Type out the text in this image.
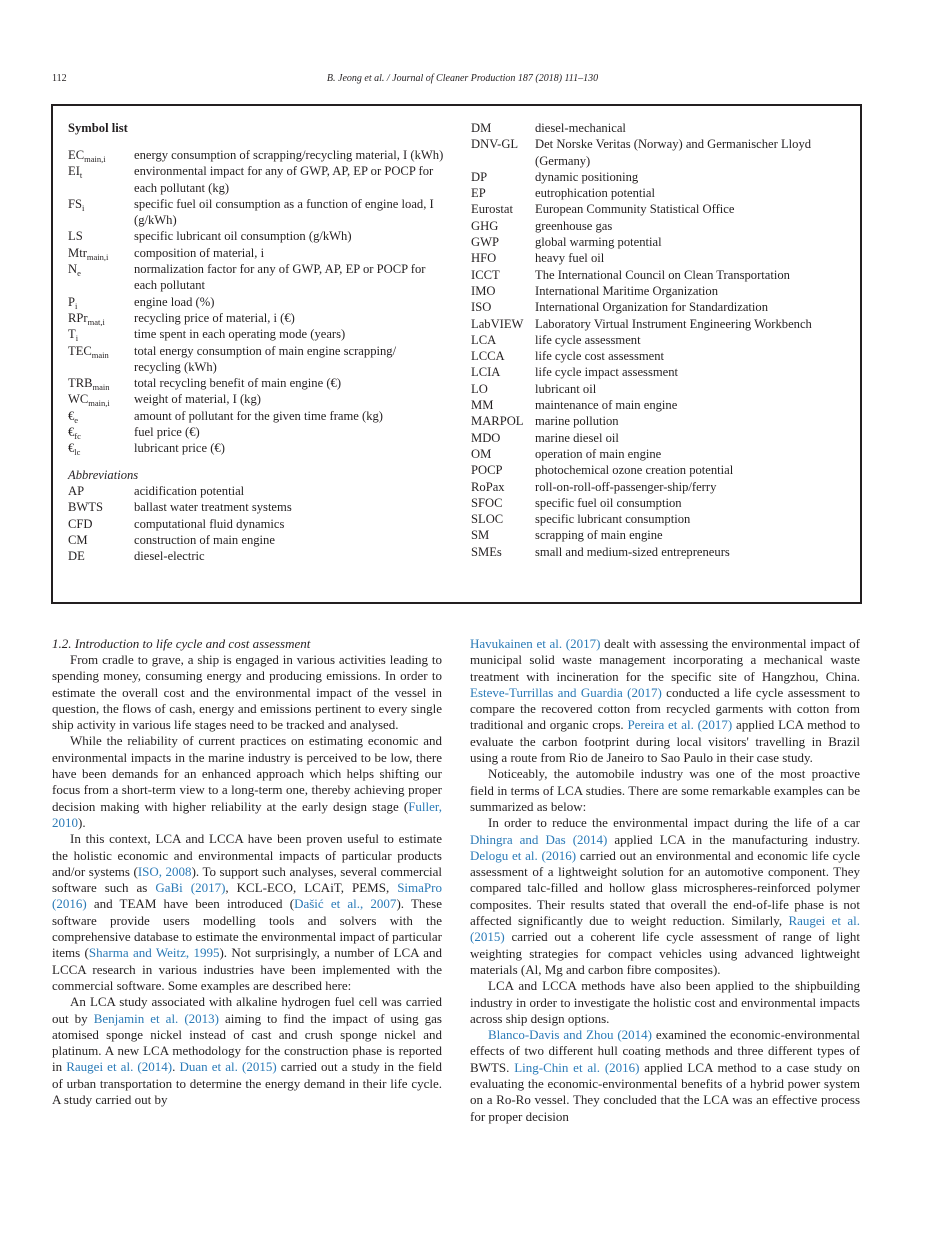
112	B. Jeong et al. / Journal of Cleaner Production 187 (2018) 111–130
Symbol list
$EC_{main,i}$	energy consumption of scrapping/recycling material, I (kWh)
$EI_t$	environmental impact for any of GWP, AP, EP or POCP for each pollutant (kg)
$FS_i$	specific fuel oil consumption as a function of engine load, I (g/kWh)
LS	specific lubricant oil consumption (g/kWh)
Mtr$_{main,i}$	composition of material, i
$N_e$	normalization factor for any of GWP, AP, EP or POCP for each pollutant
$P_i$	engine load (%)
RPr$_{mat,i}$	recycling price of material, i (€)
$T_i$	time spent in each operating mode (years)
$TEC_{main}$	total energy consumption of main engine scrapping/ recycling (kWh)
$TRB_{main}$	total recycling benefit of main engine (€)
$WC_{main,i}$	weight of material, I (kg)
$€_e$	amount of pollutant for the given time frame (kg)
$€_{fc}$	fuel price (€)
$€_{lc}$	lubricant price (€)
Abbreviations
AP	acidification potential
BWTS	ballast water treatment systems
CFD	computational fluid dynamics
CM	construction of main engine
DE	diesel-electric
DM	diesel-mechanical
DNV-GL	Det Norske Veritas (Norway) and Germanischer Lloyd (Germany)
DP	dynamic positioning
EP	eutrophication potential
Eurostat	European Community Statistical Office
GHG	greenhouse gas
GWP	global warming potential
HFO	heavy fuel oil
ICCT	The International Council on Clean Transportation
IMO	International Maritime Organization
ISO	International Organization for Standardization
LabVIEW Laboratory Virtual Instrument Engineering Workbench
LCA	life cycle assessment
LCCA	life cycle cost assessment
LCIA	life cycle impact assessment
LO	lubricant oil
MM	maintenance of main engine
MARPOL marine pollution
MDO	marine diesel oil
OM	operation of main engine
POCP	photochemical ozone creation potential
RoPax	roll-on-roll-off-passenger-ship/ferry
SFOC	specific fuel oil consumption
SLOC	specific lubricant consumption
SM	scrapping of main engine
SMEs	small and medium-sized entrepreneurs

1.2. Introduction to life cycle and cost assessment

From cradle to grave, a ship is engaged in various activities leading to spending money, consuming energy and producing emissions. In order to estimate the overall cost and the environmental impact of the vessel in question, the flows of cash, energy and emissions pertinent to every single ship activity in various life stages need to be tracked and analysed.

While the reliability of current practices on estimating economic and environmental impacts in the marine industry is perceived to be low, there have been demands for an enhanced approach which helps shifting our focus from a short-term view to a long-term one, thereby achieving proper decision making with higher reliability at the early design stage (Fuller, 2010).

In this context, LCA and LCCA have been proven useful to estimate the holistic economic and environmental impacts of particular products and/or systems (ISO, 2008). To support such analyses, several commercial software such as GaBi (2017), KCL-ECO, LCAiT, PEMS, SimaPro (2016) and TEAM have been introduced (Dašić et al., 2007). These software provide users modelling tools and solvers with the comprehensive database to estimate the environmental impact of particular items (Sharma and Weitz, 1995). Not surprisingly, a number of LCA and LCCA research in various industries have been implemented with the commercial software. Some examples are described here:

An LCA study associated with alkaline hydrogen fuel cell was carried out by Benjamin et al. (2013) aiming to find the impact of using gas atomised sponge nickel instead of cast and crush sponge nickel and platinum. A new LCA methodology for the construction phase is reported in Raugei et al. (2014). Duan et al. (2015) carried out a study in the field of urban transportation to determine the energy demand in their life cycle. A study carried out by

Havukainen et al. (2017) dealt with assessing the environmental impact of municipal solid waste management incorporating a mechanical waste treatment with incineration for the specific site of Hangzhou, China. Esteve-Turrillas and Guardia (2017) conducted a life cycle assessment to compare the recovered cotton from recycled garments with cotton from traditional and organic crops. Pereira et al. (2017) applied LCA method to evaluate the carbon footprint during local visitors' travelling in Brazil using a route from Rio de Janeiro to Sao Paulo in their case study.

Noticeably, the automobile industry was one of the most proactive field in terms of LCA studies. There are some remarkable examples can be summarized as below:

In order to reduce the environmental impact during the life of a car Dhingra and Das (2014) applied LCA in the manufacturing industry. Delogu et al. (2016) carried out an environmental and economic life cycle assessment of a lightweight solution for an automotive component. They compared talc-filled and hollow glass microspheres-reinforced polymer composites. Their results stated that overall the end-of-life phase is not affected significantly due to weight reduction. Similarly, Raugei et al. (2015) carried out a coherent life cycle assessment of range of light weighting strategies for compact vehicles using advanced lightweight materials (Al, Mg and carbon fibre composites).

LCA and LCCA methods have also been applied to the shipbuilding industry in order to investigate the holistic cost and environmental impacts across ship design options.

Blanco-Davis and Zhou (2014) examined the economic-environmental effects of two different hull coating methods and three different types of BWTS. Ling-Chin et al. (2016) applied LCA method to a case study on evaluating the economic-environmental benefits of a hybrid power system on a Ro-Ro vessel. They concluded that the LCA was an effective process for proper decision
